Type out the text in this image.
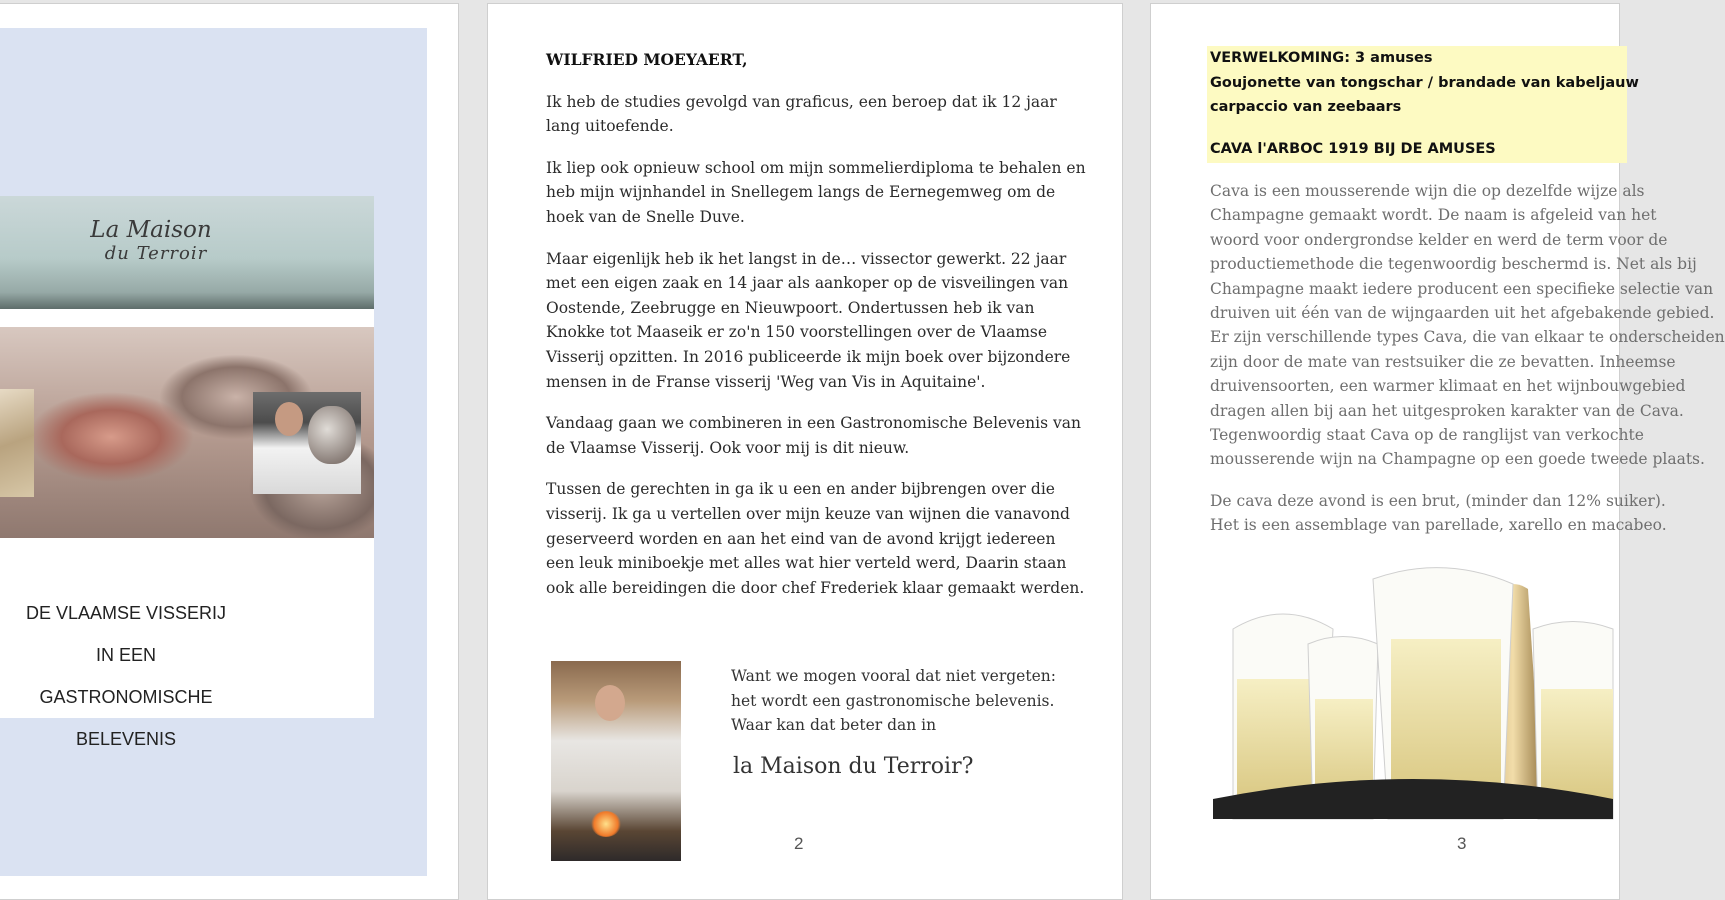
La Maison
du Terroir
DE VLAAMSE VISSERIJ
IN EEN
GASTRONOMISCHE BELEVENIS

WILFRIED MOEYAERT,

Ik heb de studies gevolgd van graficus, een beroep dat ik 12 jaar lang uitoefende.

Ik liep ook opnieuw school om mijn sommelierdiploma te behalen en heb mijn wijnhandel in Snellegem langs de Eernegemweg om de hoek van de Snelle Duve.

Maar eigenlijk heb ik het langst in de… vissector gewerkt. 22 jaar met een eigen zaak en 14 jaar als aankoper op de visveilingen van Oostende, Zeebrugge en Nieuwpoort. Ondertussen heb ik van Knokke tot Maaseik er zo'n 150 voorstellingen over de Vlaamse Visserij opzitten. In 2016 publiceerde ik mijn boek over bijzondere mensen in de Franse visserij 'Weg van Vis in Aquitaine'.

Vandaag gaan we combineren in een Gastronomische Belevenis van de Vlaamse Visserij. Ook voor mij is dit nieuw.

Tussen de gerechten in ga ik u een en ander bijbrengen over die visserij. Ik ga u vertellen over mijn keuze van wijnen die vanavond geserveerd worden en aan het eind van de avond krijgt iedereen een leuk miniboekje met alles wat hier verteld werd, Daarin staan ook alle bereidingen die door chef Frederiek klaar gemaakt werden.

Want we mogen vooral dat niet vergeten:
het wordt een gastronomische belevenis.
Waar kan dat beter dan in
la Maison du Terroir?
2
VERWELKOMING: 3 amuses
Goujonette van tongschar / brandade van kabeljauw
carpaccio van zeebaars
CAVA l'ARBOC 1919 BIJ DE AMUSES

Cava is een mousserende wijn die op dezelfde wijze als
Champagne gemaakt wordt. De naam is afgeleid van het
woord voor ondergrondse kelder en werd de term voor de
productiemethode die tegenwoordig beschermd is. Net als bij
Champagne maakt iedere producent een specifieke selectie van
druiven uit één van de wijngaarden uit het afgebakende gebied.
Er zijn verschillende types Cava, die van elkaar te onderscheiden
zijn door de mate van restsuiker die ze bevatten. Inheemse
druivensoorten, een warmer klimaat en het wijnbouwgebied
dragen allen bij aan het uitgesproken karakter van de Cava.
Tegenwoordig staat Cava op de ranglijst van verkochte
mousserende wijn na Champagne op een goede tweede plaats.

De cava deze avond is een brut, (minder dan 12% suiker).
Het is een assemblage van parellade, xarello en macabeo.

3
